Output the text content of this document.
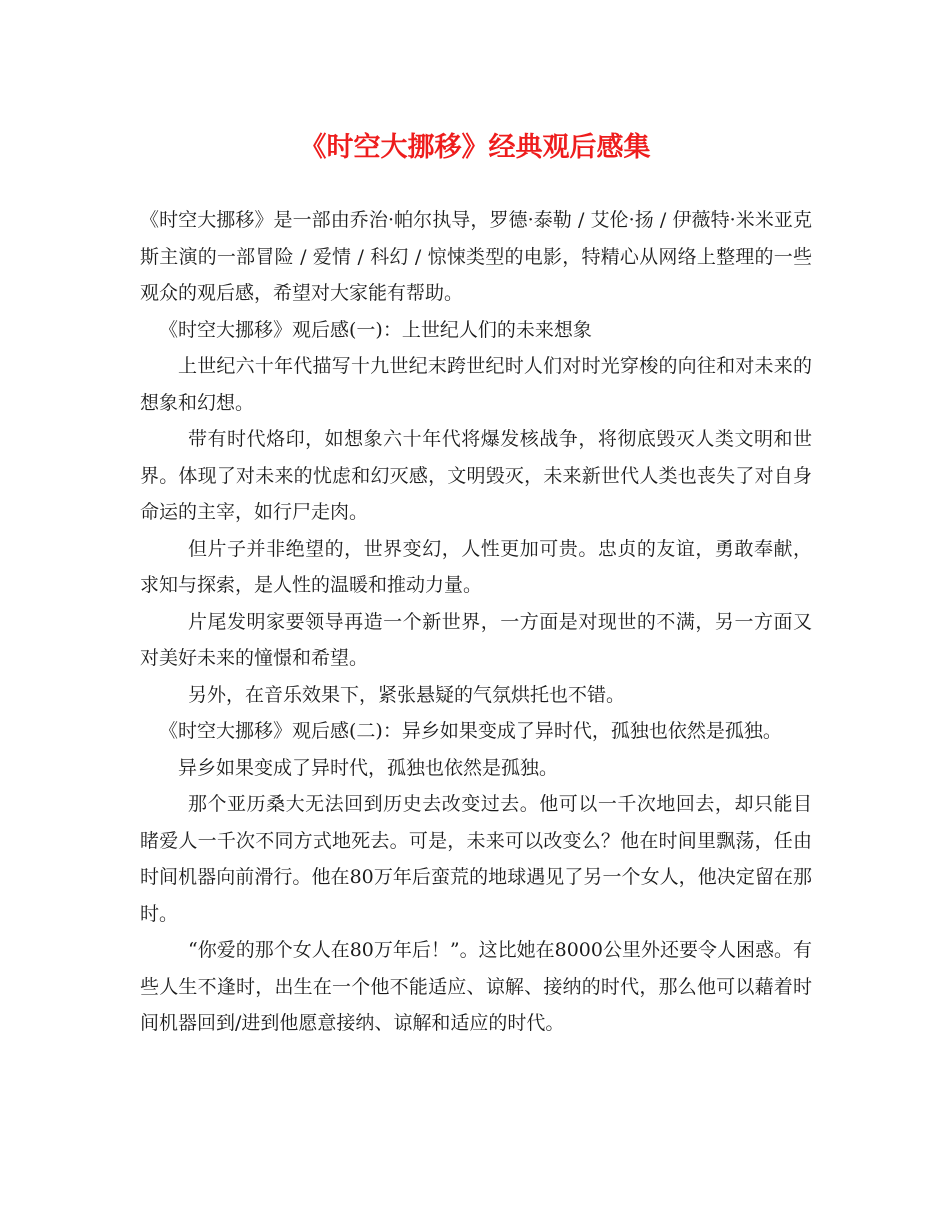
《时空大挪移》经典观后感集

《时空大挪移》是一部由乔治·帕尔执导，罗德·泰勒 / 艾伦·扬 / 伊薇特·米米亚克斯主演的一部冒险 / 爱情 / 科幻 / 惊悚类型的电影，特精心从网络上整理的一些观众的观后感，希望对大家能有帮助。

《时空大挪移》观后感(一)：上世纪人们的未来想象

上世纪六十年代描写十九世纪末跨世纪时人们对时光穿梭的向往和对未来的想象和幻想。

带有时代烙印，如想象六十年代将爆发核战争，将彻底毁灭人类文明和世界。体现了对未来的忧虑和幻灭感，文明毁灭，未来新世代人类也丧失了对自身命运的主宰，如行尸走肉。

但片子并非绝望的，世界变幻，人性更加可贵。忠贞的友谊，勇敢奉献，求知与探索，是人性的温暖和推动力量。

片尾发明家要领导再造一个新世界，一方面是对现世的不满，另一方面又对美好未来的憧憬和希望。

另外，在音乐效果下，紧张悬疑的气氛烘托也不错。

《时空大挪移》观后感(二)：异乡如果变成了异时代，孤独也依然是孤独。

异乡如果变成了异时代，孤独也依然是孤独。

那个亚历桑大无法回到历史去改变过去。他可以一千次地回去，却只能目睹爱人一千次不同方式地死去。可是，未来可以改变么？他在时间里飘荡，任由时间机器向前滑行。他在80万年后蛮荒的地球遇见了另一个女人，他决定留在那时。

“你爱的那个女人在80万年后！”。这比她在8000公里外还要令人困惑。有些人生不逢时，出生在一个他不能适应、谅解、接纳的时代，那么他可以藉着时间机器回到/进到他愿意接纳、谅解和适应的时代。
